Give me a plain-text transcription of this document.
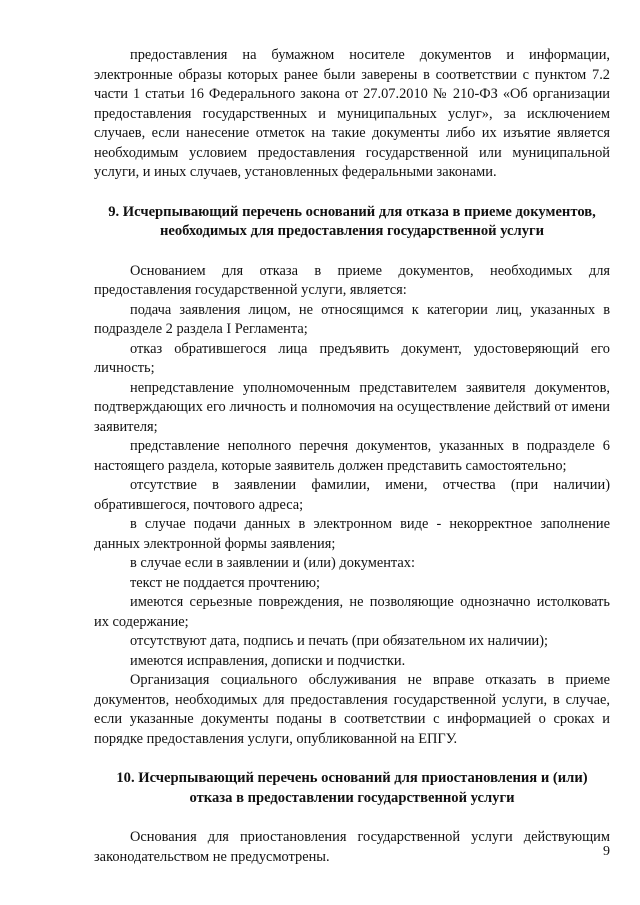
предоставления на бумажном носителе документов и информации, электронные образы которых ранее были заверены в соответствии с пунктом 7.2 части 1 статьи 16 Федерального закона от 27.07.2010 № 210-ФЗ «Об организации предоставления государственных и муниципальных услуг», за исключением случаев, если нанесение отметок на такие документы либо их изъятие является необходимым условием предоставления государственной или муниципальной услуги, и иных случаев, установленных федеральными законами.

9. Исчерпывающий перечень оснований для отказа в приеме документов, необходимых для предоставления государственной услуги

Основанием для отказа в приеме документов, необходимых для предоставления государственной услуги, является:

подача заявления лицом, не относящимся к категории лиц, указанных в подразделе 2 раздела I Регламента;

отказ обратившегося лица предъявить документ, удостоверяющий его личность;

непредставление уполномоченным представителем заявителя документов, подтверждающих его личность и полномочия на осуществление действий от имени заявителя;

представление неполного перечня документов, указанных в подразделе 6 настоящего раздела, которые заявитель должен представить самостоятельно;

отсутствие в заявлении фамилии, имени, отчества (при наличии) обратившегося, почтового адреса;

в случае подачи данных в электронном виде - некорректное заполнение данных электронной формы заявления;

в случае если в заявлении и (или) документах:

текст не поддается прочтению;

имеются серьезные повреждения, не позволяющие однозначно истолковать их содержание;

отсутствуют дата, подпись и печать (при обязательном их наличии);

имеются исправления, дописки и подчистки.

Организация социального обслуживания не вправе отказать в приеме документов, необходимых для предоставления государственной услуги, в случае, если указанные документы поданы в соответствии с информацией о сроках и порядке предоставления услуги, опубликованной на ЕПГУ.

10. Исчерпывающий перечень оснований для приостановления и (или) отказа в предоставлении государственной услуги

Основания для приостановления государственной услуги действующим законодательством не предусмотрены.	9
